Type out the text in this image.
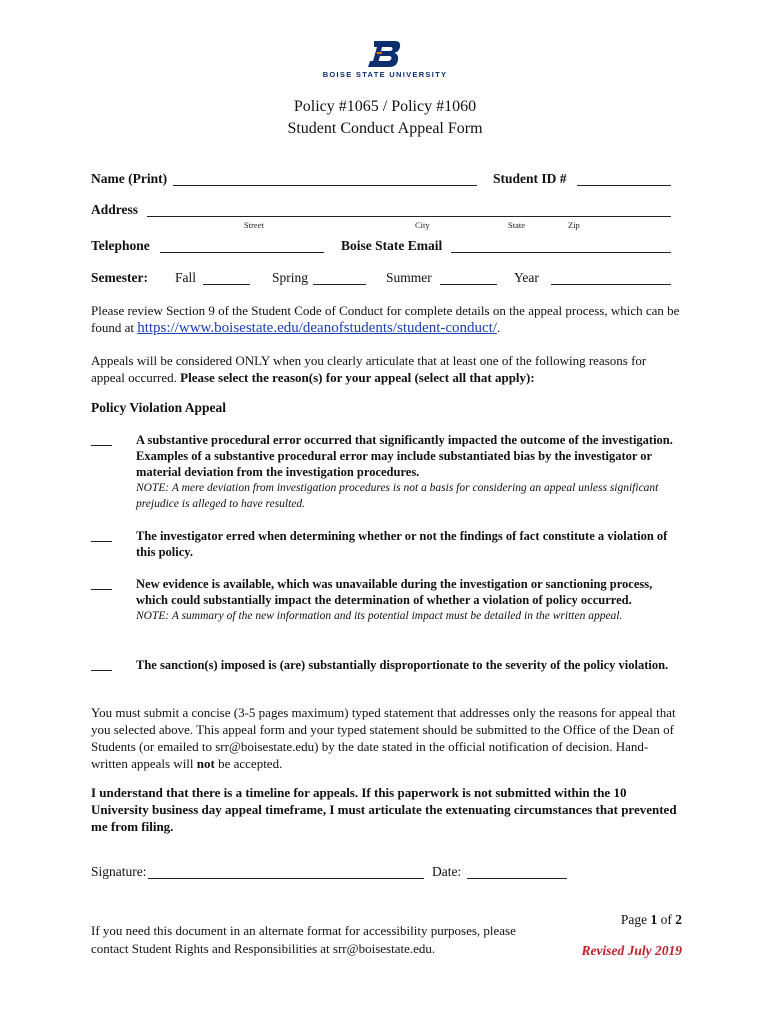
BOISE STATE UNIVERSITY
Policy #1065 / Policy #1060
Student Conduct Appeal Form
Name (Print)	Student ID #
Address
Street	City	State	Zip
Telephone	Boise State Email
Semester: Fall	Spring	Summer	Year
Please review Section 9 of the Student Code of Conduct for complete details on the appeal process, which can be found at https://www.boisestate.edu/deanofstudents/student-conduct/.
Appeals will be considered ONLY when you clearly articulate that at least one of the following reasons for appeal occurred. Please select the reason(s) for your appeal (select all that apply):
Policy Violation Appeal
A substantive procedural error occurred that significantly impacted the outcome of the investigation. Examples of a substantive procedural error may include substantiated bias by the investigator or material deviation from the investigation procedures.
NOTE: A mere deviation from investigation procedures is not a basis for considering an appeal unless significant prejudice is alleged to have resulted.
The investigator erred when determining whether or not the findings of fact constitute a violation of this policy.
New evidence is available, which was unavailable during the investigation or sanctioning process, which could substantially impact the determination of whether a violation of policy occurred.
NOTE: A summary of the new information and its potential impact must be detailed in the written appeal.
The sanction(s) imposed is (are) substantially disproportionate to the severity of the policy violation.
You must submit a concise (3-5 pages maximum) typed statement that addresses only the reasons for appeal that you selected above. This appeal form and your typed statement should be submitted to the Office of the Dean of Students (or emailed to srr@boisestate.edu) by the date stated in the official notification of decision. Hand-written appeals will not be accepted.
I understand that there is a timeline for appeals. If this paperwork is not submitted within the 10 University business day appeal timeframe, I must articulate the extenuating circumstances that prevented me from filing.
Signature:	Date:
If you need this document in an alternate format for accessibility purposes, please contact Student Rights and Responsibilities at srr@boisestate.edu.
Page 1 of 2
Revised July 2019
